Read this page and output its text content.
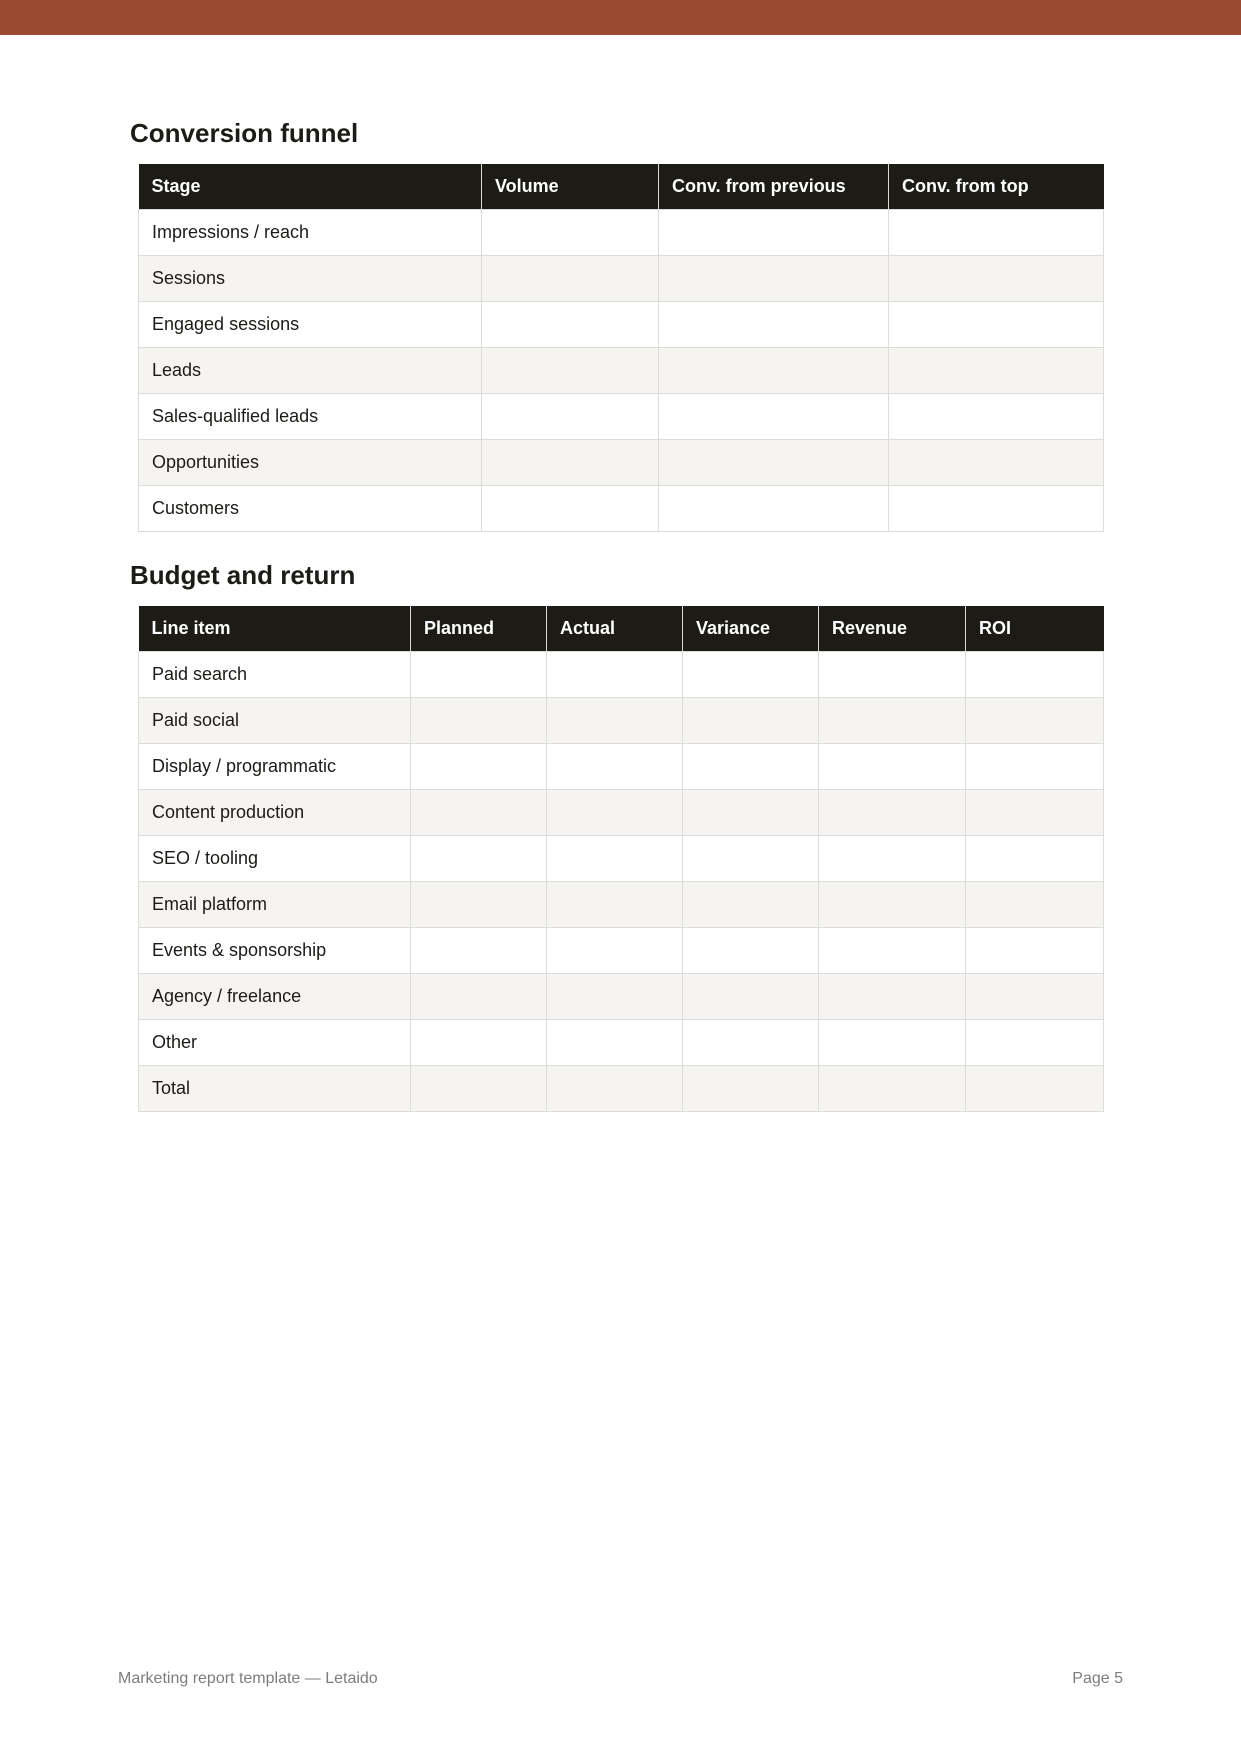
Conversion funnel
Stage	Volume	Conv. from previous	Conv. from top
Impressions / reach			
Sessions			
Engaged sessions			
Leads			
Sales-qualified leads			
Opportunities			
Customers			
Budget and return
Line item	Planned	Actual	Variance	Revenue	ROI
Paid search					
Paid social					
Display / programmatic					
Content production					
SEO / tooling					
Email platform					
Events & sponsorship					
Agency / freelance					
Other					
Total					
Marketing report template — Letaido	Page 5
